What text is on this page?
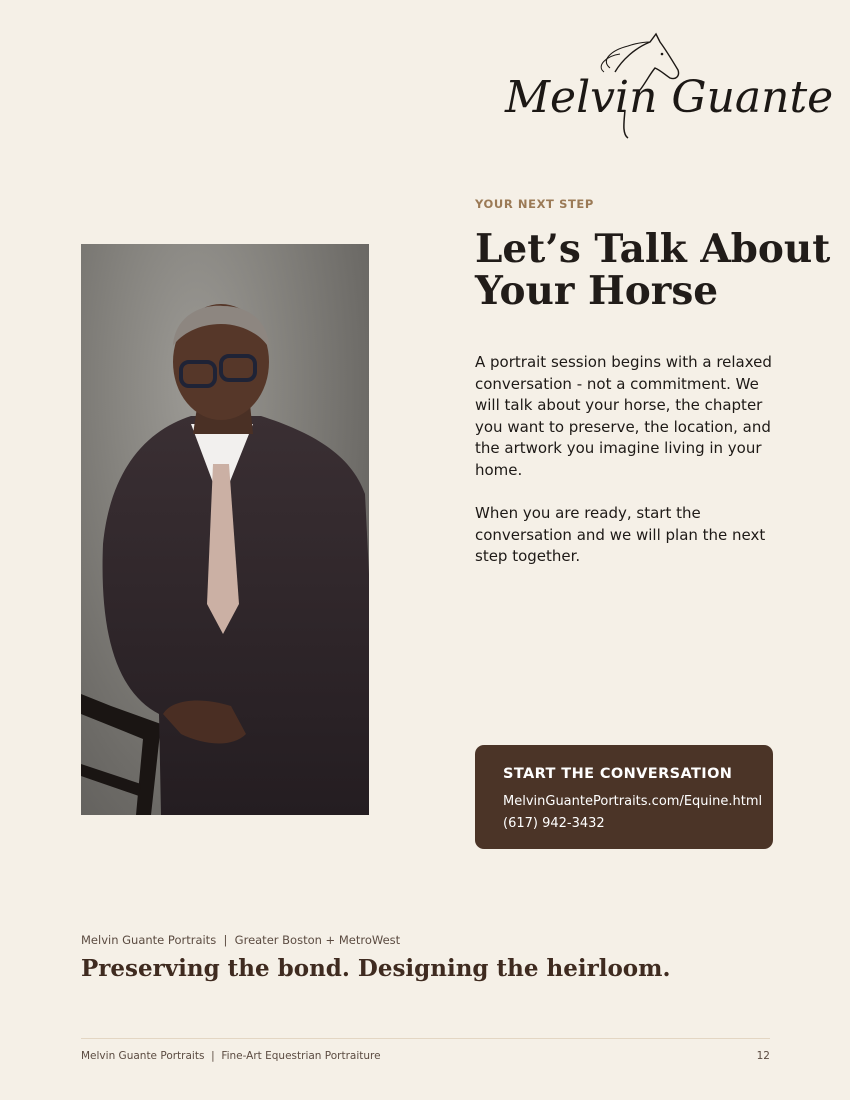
Melvin Guante
YOUR NEXT STEP
Let’s Talk About
Your Horse

A portrait session begins with a relaxed conversation - not a commitment. We will talk about your horse, the chapter you want to preserve, the location, and the artwork you imagine living in your home.

When you are ready, start the conversation and we will plan the next step together.

START THE CONVERSATION
MelvinGuantePortraits.com/Equine.html
(617) 942-3432
Melvin Guante Portraits  |  Greater Boston + MetroWest
Preserving the bond. Designing the heirloom.
Melvin Guante Portraits  |  Fine-Art Equestrian Portraiture	12
